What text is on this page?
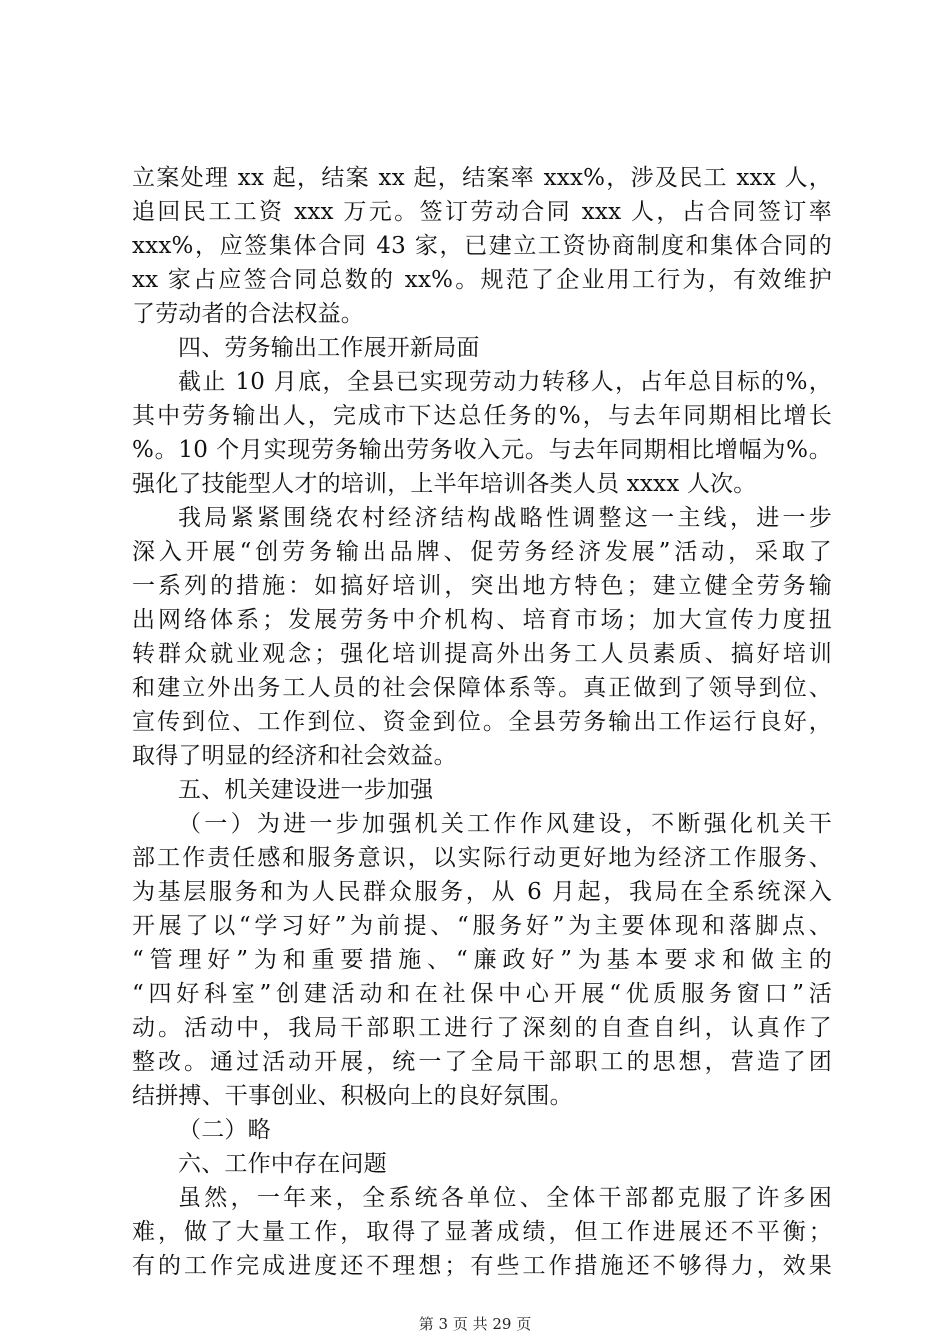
立案处理 xx 起，结案 xx 起，结案率 xxx%，涉及民工 xxx 人，
追回民工工资 xxx 万元。签订劳动合同 xxx 人，占合同签订率
xxx%，应签集体合同 43 家，已建立工资协商制度和集体合同的
xx 家占应签合同总数的 xx%。规范了企业用工行为，有效维护
了劳动者的合法权益。
四、劳务输出工作展开新局面
截止 10 月底，全县已实现劳动力转移人，占年总目标的%，
其中劳务输出人，完成市下达总任务的%，与去年同期相比增长
%。10 个月实现劳务输出劳务收入元。与去年同期相比增幅为%。
强化了技能型人才的培训，上半年培训各类人员 xxxx 人次。
我局紧紧围绕农村经济结构战略性调整这一主线，进一步
深入开展“创劳务输出品牌、促劳务经济发展”活动，采取了
一系列的措施：如搞好培训，突出地方特色；建立健全劳务输
出网络体系；发展劳务中介机构、培育市场；加大宣传力度扭
转群众就业观念；强化培训提高外出务工人员素质、搞好培训
和建立外出务工人员的社会保障体系等。真正做到了领导到位、
宣传到位、工作到位、资金到位。全县劳务输出工作运行良好，
取得了明显的经济和社会效益。
五、机关建设进一步加强
（一）为进一步加强机关工作作风建设，不断强化机关干
部工作责任感和服务意识，以实际行动更好地为经济工作服务、
为基层服务和为人民群众服务，从 6 月起，我局在全系统深入
开展了以“学习好”为前提、“服务好”为主要体现和落脚点、
“管理好”为和重要措施、“廉政好”为基本要求和做主的
“四好科室”创建活动和在社保中心开展“优质服务窗口”活
动。活动中，我局干部职工进行了深刻的自查自纠，认真作了
整改。通过活动开展，统一了全局干部职工的思想，营造了团
结拼搏、干事创业、积极向上的良好氛围。
（二）略
六、工作中存在问题
虽然，一年来，全系统各单位、全体干部都克服了许多困
难，做了大量工作，取得了显著成绩，但工作进展还不平衡；
有的工作完成进度还不理想；有些工作措施还不够得力，效果
第 3 页 共 29 页
